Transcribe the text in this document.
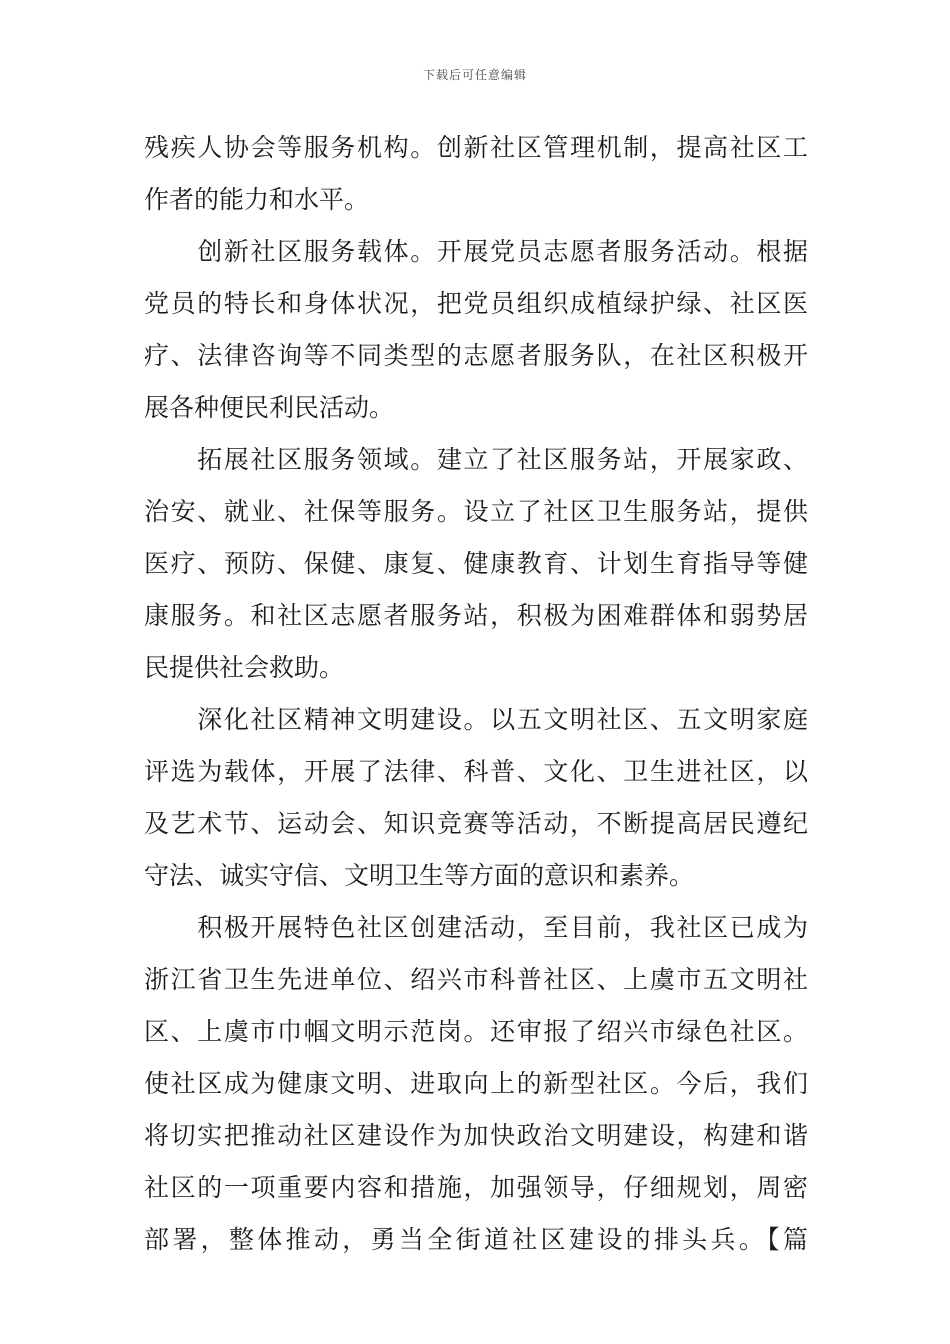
下载后可任意编辑
残疾人协会等服务机构。创新社区管理机制，提高社区工
作者的能力和水平。
　　创新社区服务载体。开展党员志愿者服务活动。根据
党员的特长和身体状况，把党员组织成植绿护绿、社区医
疗、法律咨询等不同类型的志愿者服务队，在社区积极开
展各种便民利民活动。
　　拓展社区服务领域。建立了社区服务站，开展家政、
治安、就业、社保等服务。设立了社区卫生服务站，提供
医疗、预防、保健、康复、健康教育、计划生育指导等健
康服务。和社区志愿者服务站，积极为困难群体和弱势居
民提供社会救助。
　　深化社区精神文明建设。以五文明社区、五文明家庭
评选为载体，开展了法律、科普、文化、卫生进社区，以
及艺术节、运动会、知识竞赛等活动，不断提高居民遵纪
守法、诚实守信、文明卫生等方面的意识和素养。
　　积极开展特色社区创建活动，至目前，我社区已成为
浙江省卫生先进单位、绍兴市科普社区、上虞市五文明社
区、上虞市巾帼文明示范岗。还审报了绍兴市绿色社区。
使社区成为健康文明、进取向上的新型社区。今后，我们
将切实把推动社区建设作为加快政治文明建设，构建和谐
社区的一项重要内容和措施，加强领导，仔细规划，周密
部署，整体推动，勇当全街道社区建设的排头兵。【篇
